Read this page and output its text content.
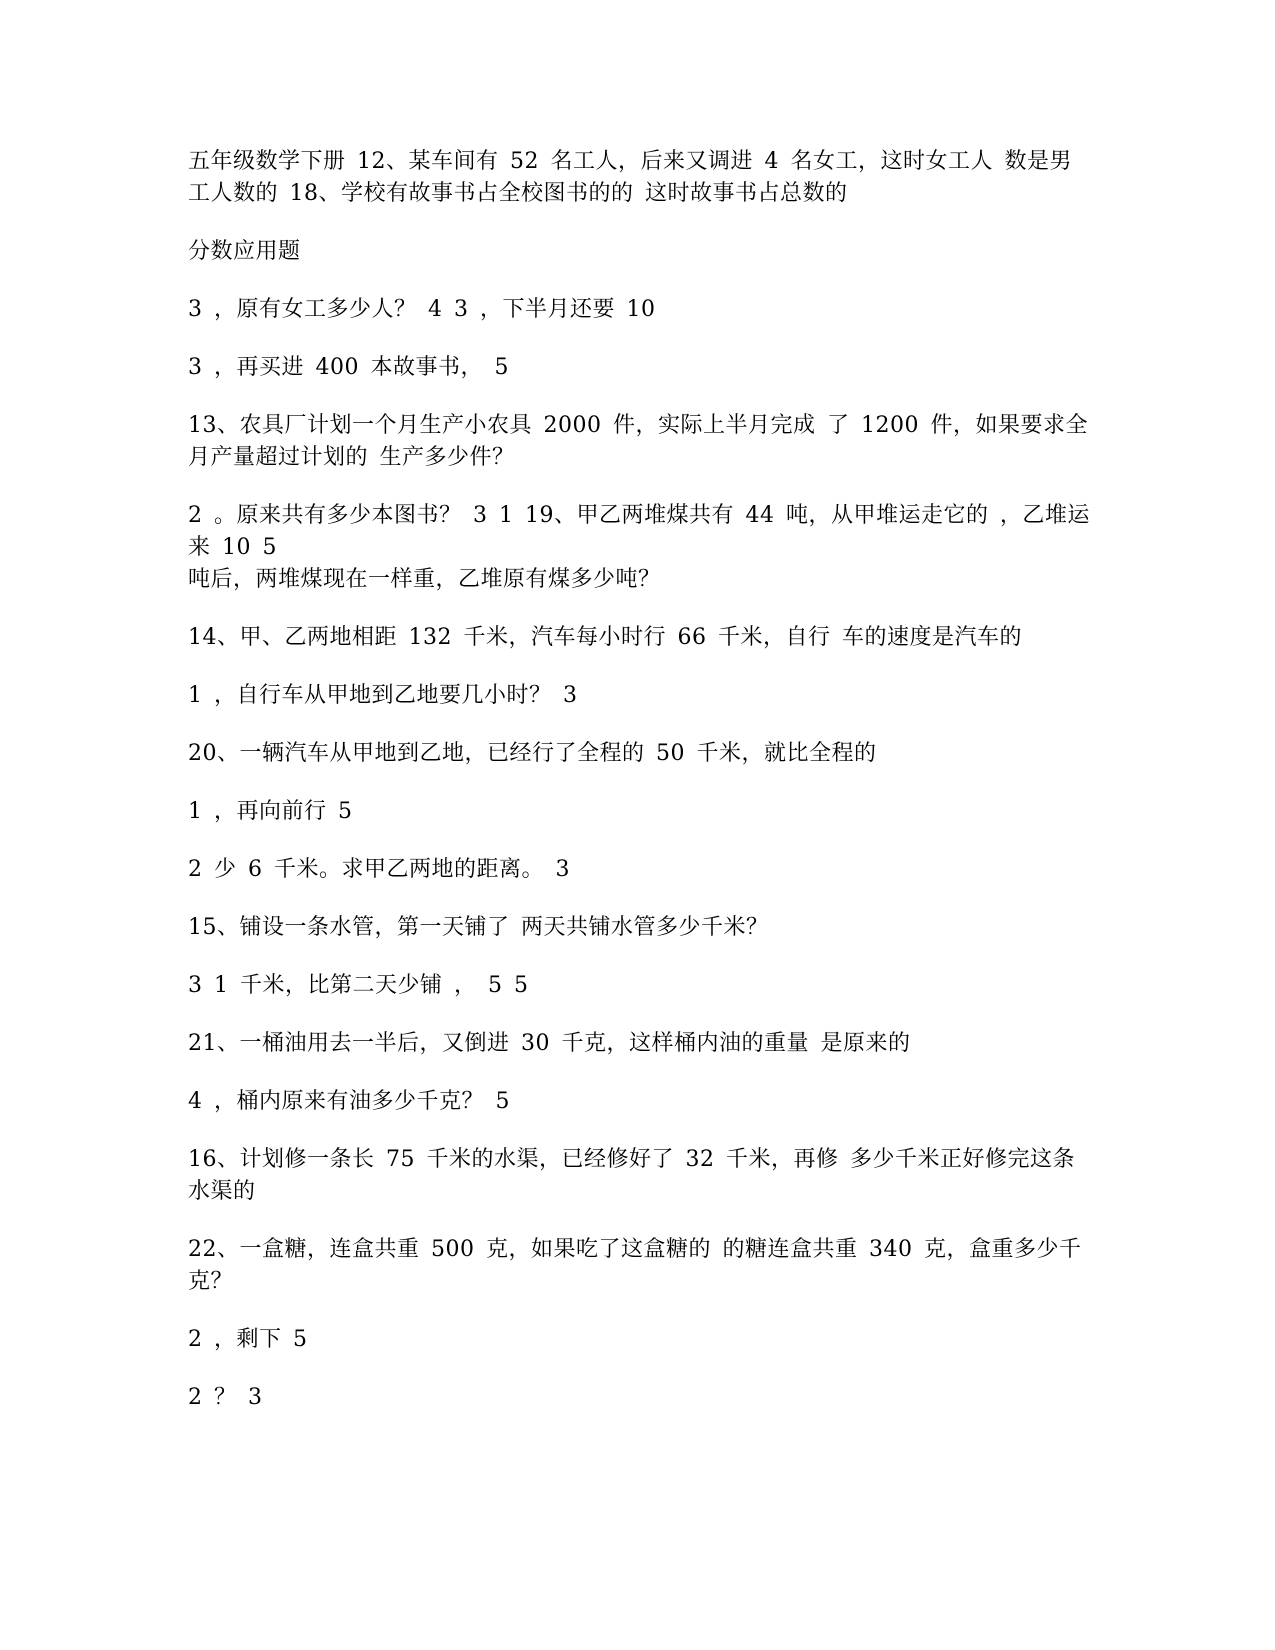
五年级数学下册 12、某车间有 52 名工人，后来又调进 4 名女工，这时女工人 数是男工人数的 18、学校有故事书占全校图书的的 这时故事书占总数的

分数应用题

3 ，原有女工多少人？ 4 3 ，下半月还要 10

3 ，再买进 400 本故事书， 5

13、农具厂计划一个月生产小农具 2000 件，实际上半月完成 了 1200 件，如果要求全月产量超过计划的 生产多少件？

2 。原来共有多少本图书？ 3 1 19、甲乙两堆煤共有 44 吨，从甲堆运走它的 ，乙堆运来 10 5
吨后，两堆煤现在一样重，乙堆原有煤多少吨？

14、甲、乙两地相距 132 千米，汽车每小时行 66 千米，自行 车的速度是汽车的

1 ，自行车从甲地到乙地要几小时？ 3

20、一辆汽车从甲地到乙地，已经行了全程的 50 千米，就比全程的

1 ，再向前行 5

2 少 6 千米。求甲乙两地的距离。 3

15、铺设一条水管，第一天铺了 两天共铺水管多少千米？

3 1 千米，比第二天少铺 ， 5 5

21、一桶油用去一半后，又倒进 30 千克，这样桶内油的重量 是原来的

4 ，桶内原来有油多少千克？ 5

16、计划修一条长 75 千米的水渠，已经修好了 32 千米，再修 多少千米正好修完这条水渠的

22、一盒糖，连盒共重 500 克，如果吃了这盒糖的 的糖连盒共重 340 克，盒重多少千克？

2 ，剩下 5

2 ？ 3
